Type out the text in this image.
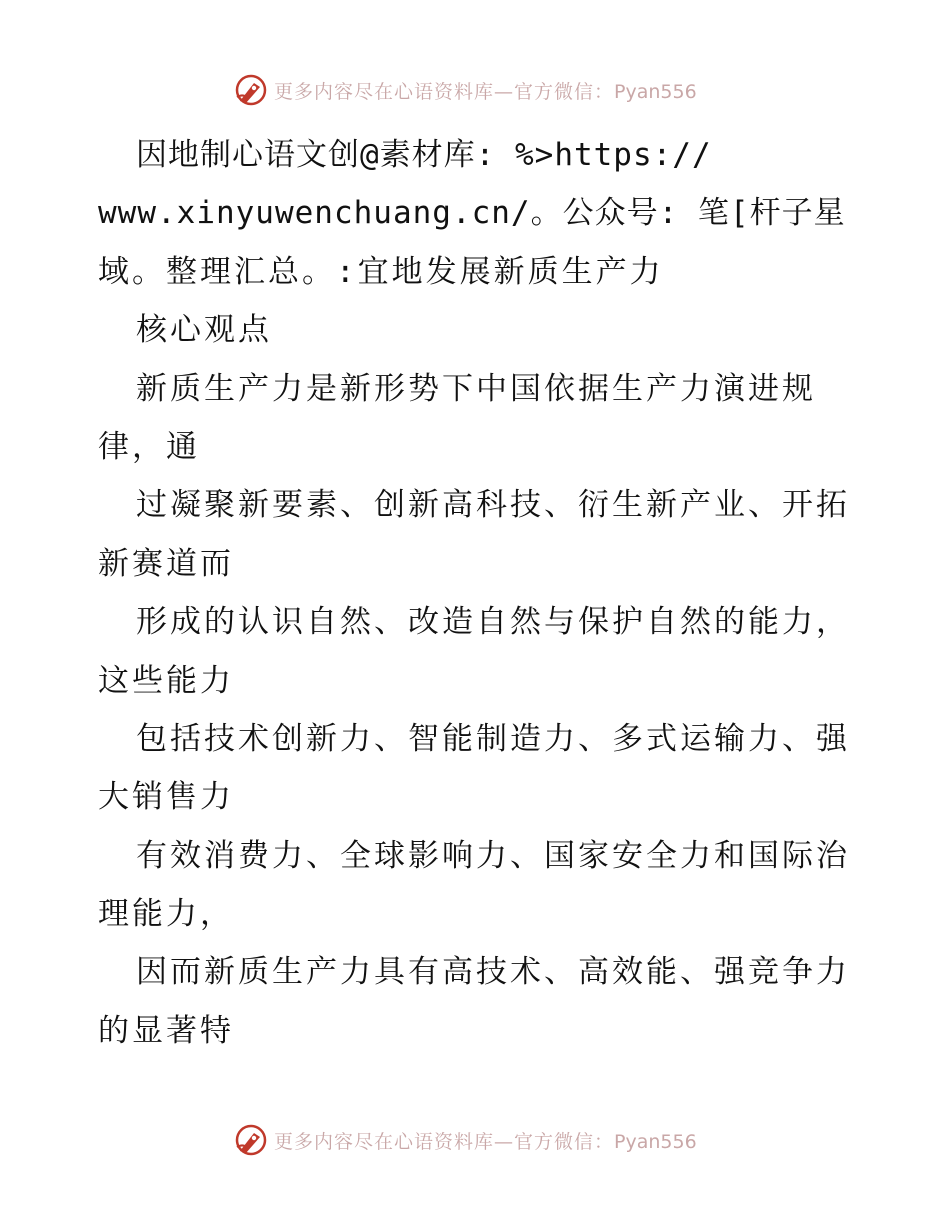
更多内容尽在心语资料库—官方微信：Pyan556
因地制心语文创@素材库: %>https://
www.xinyuwenchuang.cn/。公众号: 笔[杆子星
域。整理汇总。:宜地发展新质生产力
核心观点
新质生产力是新形势下中国依据生产力演进规
律，通
过凝聚新要素、创新高科技、衍生新产业、开拓
新赛道而
形成的认识自然、改造自然与保护自然的能力，
这些能力
包括技术创新力、智能制造力、多式运输力、强
大销售力
有效消费力、全球影响力、国家安全力和国际治
理能力，
因而新质生产力具有高技术、高效能、强竞争力
的显著特
更多内容尽在心语资料库—官方微信：Pyan556
